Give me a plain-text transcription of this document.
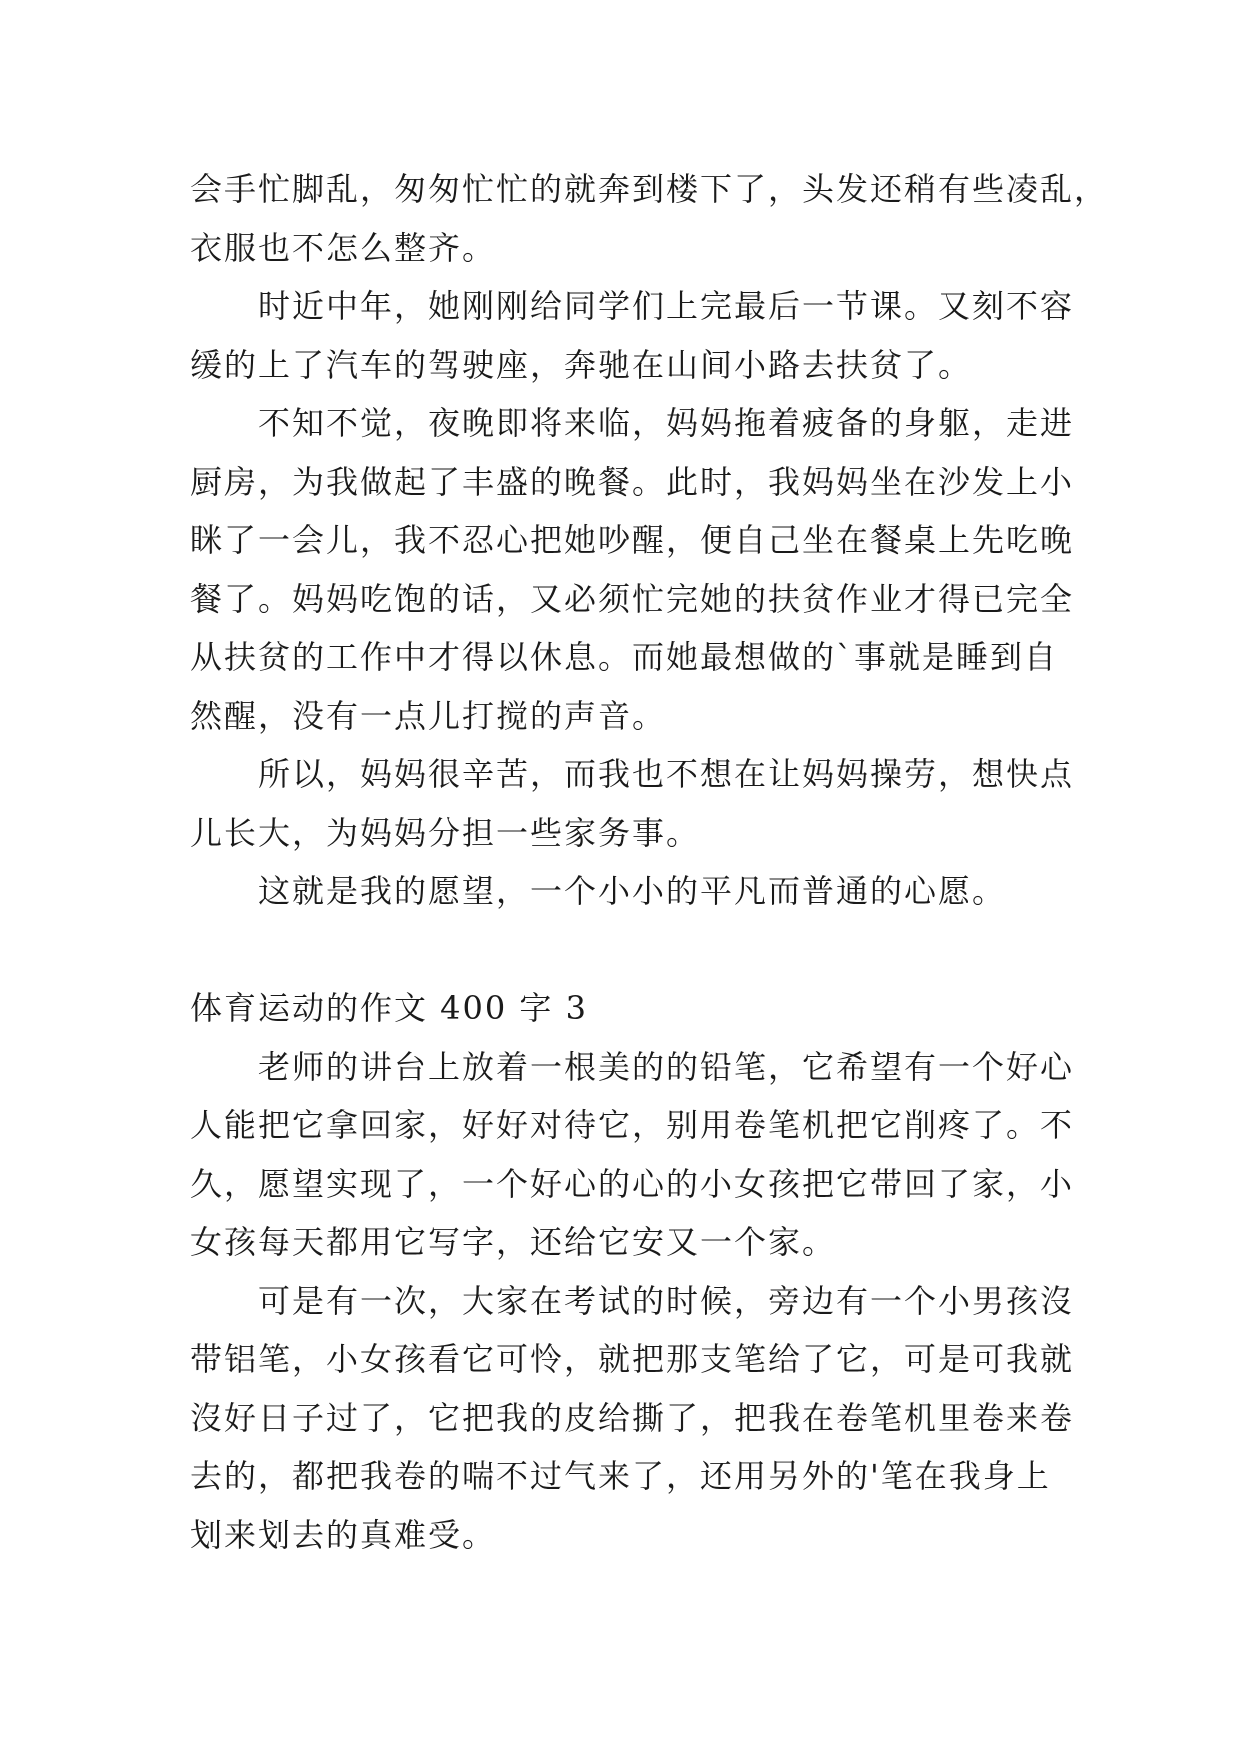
会手忙脚乱，匆匆忙忙的就奔到楼下了，头发还稍有些凌乱，
衣服也不怎么整齐。
时近中年，她刚刚给同学们上完最后一节课。又刻不容
缓的上了汽车的驾驶座，奔驰在山间小路去扶贫了。
不知不觉，夜晚即将来临，妈妈拖着疲备的身躯，走进
厨房，为我做起了丰盛的晚餐。此时，我妈妈坐在沙发上小
眯了一会儿，我不忍心把她吵醒，便自己坐在餐桌上先吃晚
餐了。妈妈吃饱的话，又必须忙完她的扶贫作业才得已完全
从扶贫的工作中才得以休息。而她最想做的`事就是睡到自
然醒，没有一点儿打搅的声音。
所以，妈妈很辛苦，而我也不想在让妈妈操劳，想快点
儿长大，为妈妈分担一些家务事。
这就是我的愿望，一个小小的平凡而普通的心愿。
体育运动的作文 400 字 3
老师的讲台上放着一根美的的铅笔，它希望有一个好心
人能把它拿回家，好好对待它，别用卷笔机把它削疼了。不
久，愿望实现了，一个好心的心的小女孩把它带回了家，小
女孩每天都用它写字，还给它安又一个家。
可是有一次，大家在考试的时候，旁边有一个小男孩沒
带铝笔，小女孩看它可怜，就把那支笔给了它，可是可我就
沒好日子过了，它把我的皮给撕了，把我在卷笔机里卷来卷
去的，都把我卷的喘不过气来了，还用另外的'笔在我身上
划来划去的真难受。
